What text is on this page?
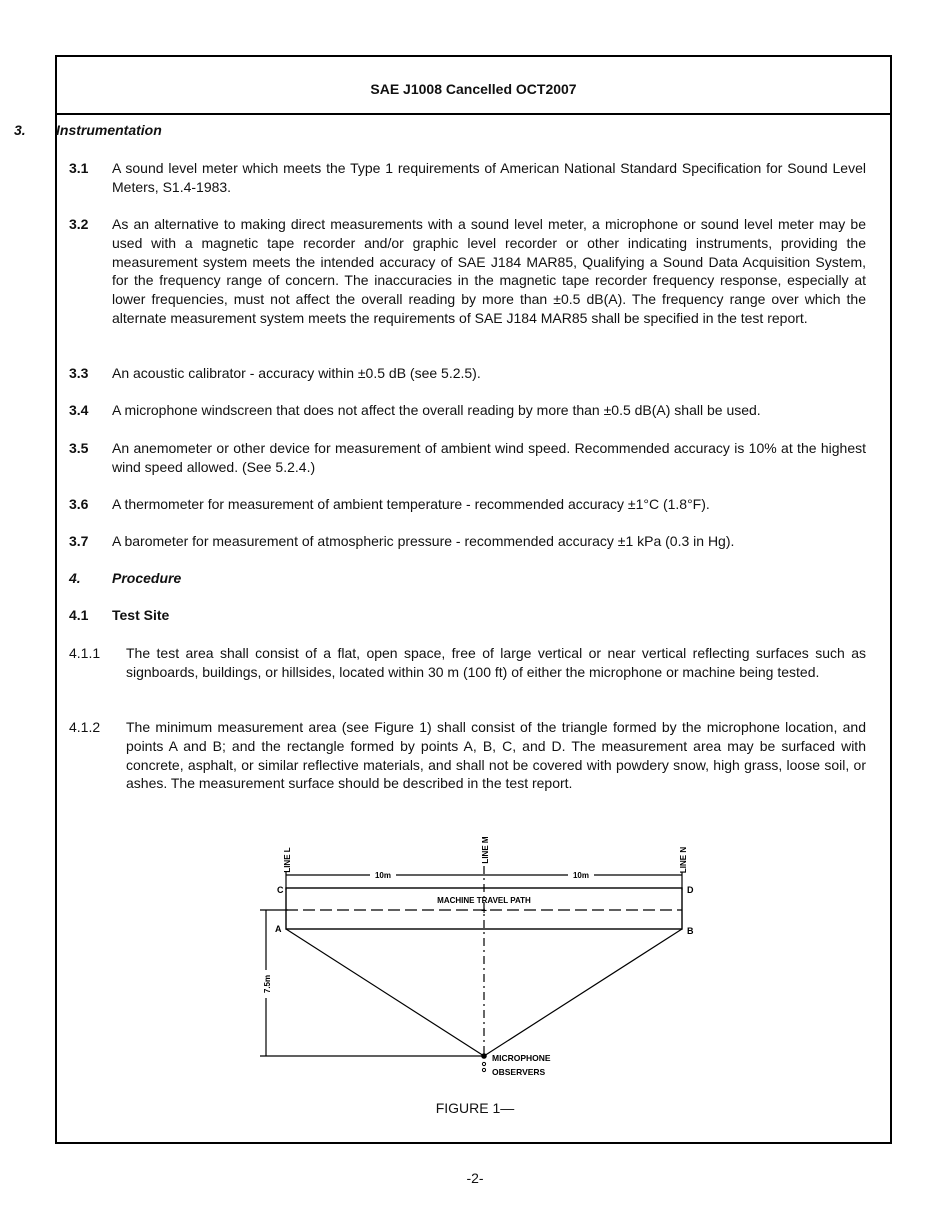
SAE J1008 Cancelled OCT2007
3. Instrumentation
3.1 A sound level meter which meets the Type 1 requirements of American National Standard Specification for Sound Level Meters, S1.4-1983.
3.2 As an alternative to making direct measurements with a sound level meter, a microphone or sound level meter may be used with a magnetic tape recorder and/or graphic level recorder or other indicating instruments, providing the measurement system meets the intended accuracy of SAE J184 MAR85, Qualifying a Sound Data Acquisition System, for the frequency range of concern. The inaccuracies in the magnetic tape recorder frequency response, especially at lower frequencies, must not affect the overall reading by more than ±0.5 dB(A). The frequency range over which the alternate measurement system meets the requirements of SAE J184 MAR85 shall be specified in the test report.
3.3 An acoustic calibrator - accuracy within ±0.5 dB (see 5.2.5).
3.4 A microphone windscreen that does not affect the overall reading by more than ±0.5 dB(A) shall be used.
3.5 An anemometer or other device for measurement of ambient wind speed. Recommended accuracy is 10% at the highest wind speed allowed. (See 5.2.4.)
3.6 A thermometer for measurement of ambient temperature - recommended accuracy ±1°C (1.8°F).
3.7 A barometer for measurement of atmospheric pressure - recommended accuracy ±1 kPa (0.3 in Hg).
4. Procedure
4.1 Test Site
4.1.1 The test area shall consist of a flat, open space, free of large vertical or near vertical reflecting surfaces such as signboards, buildings, or hillsides, located within 30 m (100 ft) of either the microphone or machine being tested.
4.1.2 The minimum measurement area (see Figure 1) shall consist of the triangle formed by the microphone location, and points A and B; and the rectangle formed by points A, B, C, and D. The measurement area may be surfaced with concrete, asphalt, or similar reflective materials, and shall not be covered with powdery snow, high grass, loose soil, or ashes. The measurement surface should be described in the test report.
+
LINE L	LINE M	LINE N
10m	10m
7.5m
MACHINE TRAVEL PATH
C	D
A	B
MICROPHONE
OBSERVERS
FIGURE 1—
-2-
